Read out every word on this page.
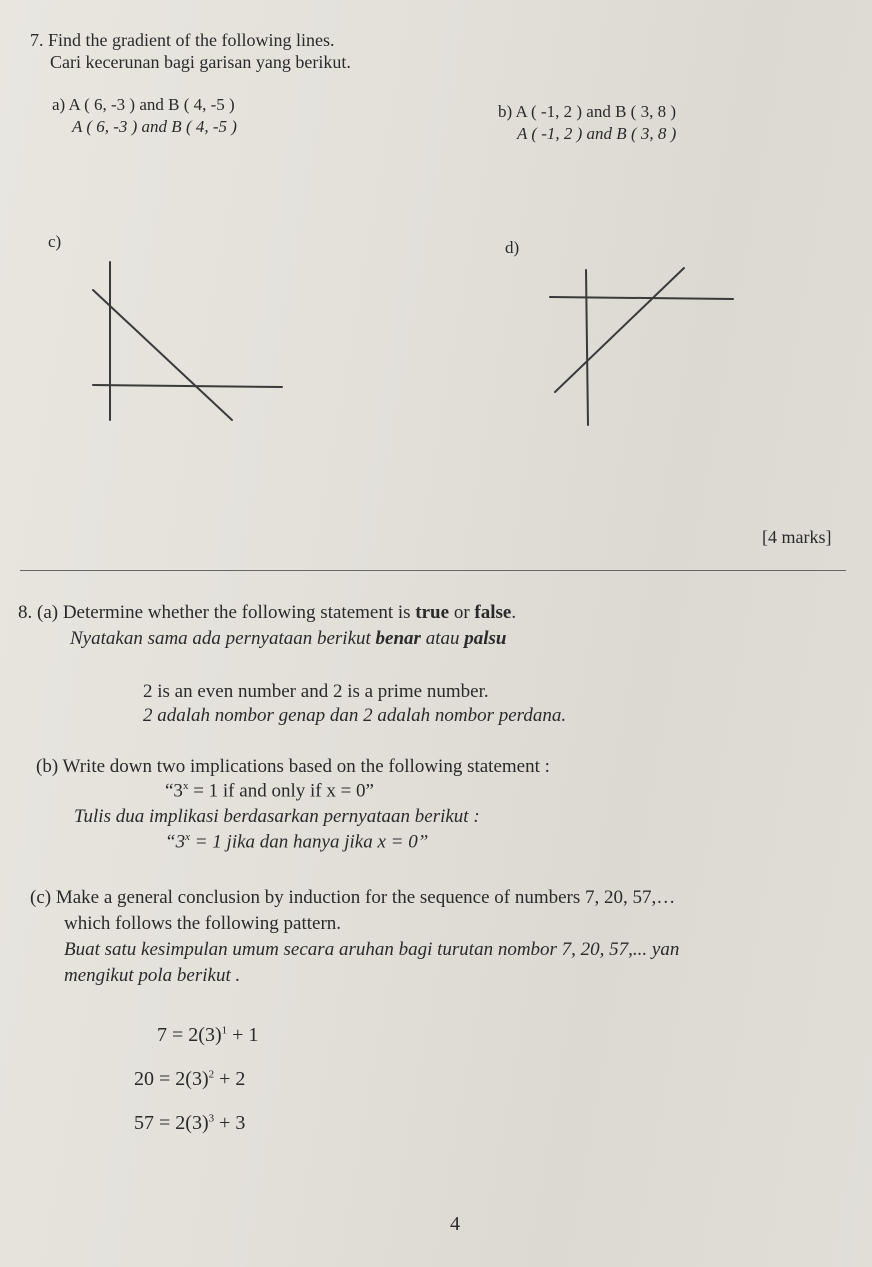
7. Find the gradient of the following lines.
Cari kecerunan bagi garisan yang berikut.
a) A ( 6, -3 ) and B ( 4, -5 )
A ( 6, -3 ) and B ( 4, -5 )
b) A ( -1, 2 ) and B ( 3, 8 )
A ( -1, 2 ) and B ( 3, 8 )
c)	d)
[4 marks]
8. (a) Determine whether the following statement is true or false.
Nyatakan sama ada pernyataan berikut benar atau palsu
2 is an even number and 2 is a prime number.
2 adalah nombor genap dan 2 adalah nombor perdana.
(b) Write down two implications based on the following statement :
“$3^x = 1$ if and only if x = 0”
Tulis dua implikasi berdasarkan pernyataan berikut :
“$3^x = 1$ jika dan hanya jika x = 0”
(c) Make a general conclusion by induction for the sequence of numbers 7, 20, 57,…
which follows the following pattern.
Buat satu kesimpulan umum secara aruhan bagi turutan nombor 7, 20, 57,... yan
mengikut pola berikut .
$7 = 2(3)^1 + 1$
$20 = 2(3)^2 + 2$
$57 = 2(3)^3 + 3$
4
